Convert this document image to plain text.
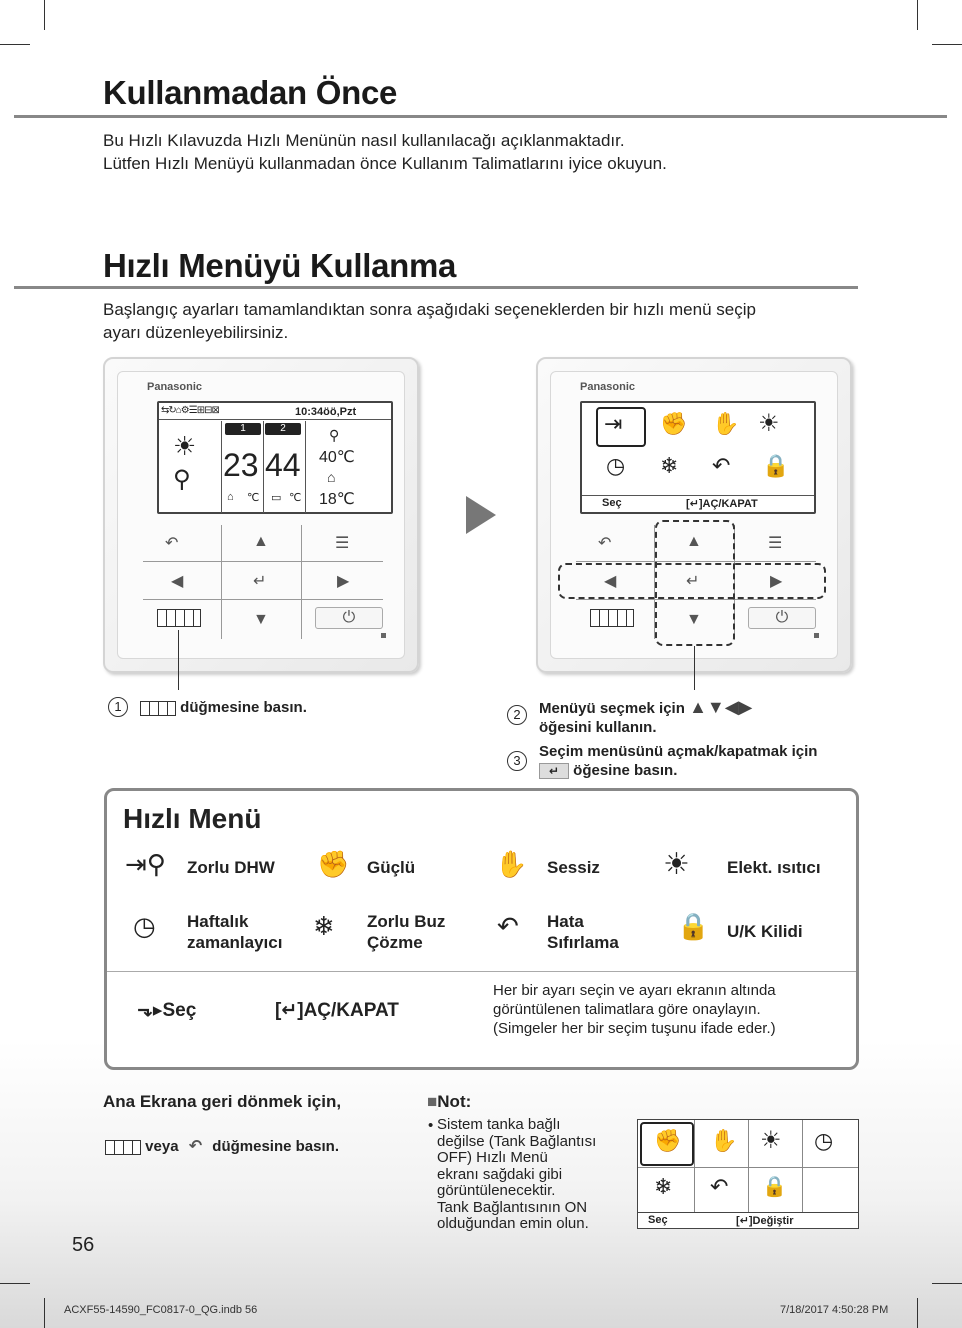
Kullanmadan Önce
Bu Hızlı Kılavuzda Hızlı Menünün nasıl kullanılacağı açıklanmaktadır.
Lütfen Hızlı Menüyü kullanmadan önce Kullanım Talimatlarını iyice okuyun.
Hızlı Menüyü Kullanma
Başlangıç ayarları tamamlandıktan sonra aşağıdaki seçeneklerden bir hızlı menü seçip
ayarı düzenleyebilirsiniz.
Panasonic
⇆↻⌂⚙☰⊞⊟⊠	10:34öö,Pzt
1	2
☀
⚲ 23 44
⌂ ℃ ▭ ℃
⚲
40℃
⌂
18℃
↶	▲	☰
◀	↵	▶
▼	⏻
Panasonic
⇥ ✊ ✋ ☀
◷ ❄ ↶ 🔒
Seç	[↵]AÇ/KAPAT
↶	▲	☰
◀	↵	▶
▼	⏻
1	düğmesine basın.	2	Menüyü seçmek için ▲▼◀▶
öğesini kullanın.
3
Seçim menüsünü açmak/kapatmak için
↵ öğesine basın.
Hızlı Menü
⇥⚲ Zorlu DHW ✊ Güçlü	✋ Sessiz ☀ Elekt. ısıtıcı
◷ Haftalık
zamanlayıcı
❄ Zorlu Buz
Çözme
↶ Hata
Sıfırlama
🔒 U/K Kilidi
⬎▸Seç	[↵]AÇ/KAPAT
Her bir ayarı seçin ve ayarı ekranın altında
görüntülenen talimatlara göre onaylayın.
(Simgeler her bir seçim tuşunu ifade eder.)
Ana Ekrana geri dönmek için,
veya ↶ düğmesine basın.
■Not:
• Sistem tanka bağlı
değilse (Tank Bağlantısı
OFF) Hızlı Menü
ekranı sağdaki gibi
görüntülenecektir.
Tank Bağlantısının ON
olduğundan emin olun.
✊ ✋ ☀ ◷
❄ ↶ 🔒
Seç	[↵]Değiştir
56
ACXF55-14590_FC0817-0_QG.indb 56	7/18/2017 4:50:28 PM
